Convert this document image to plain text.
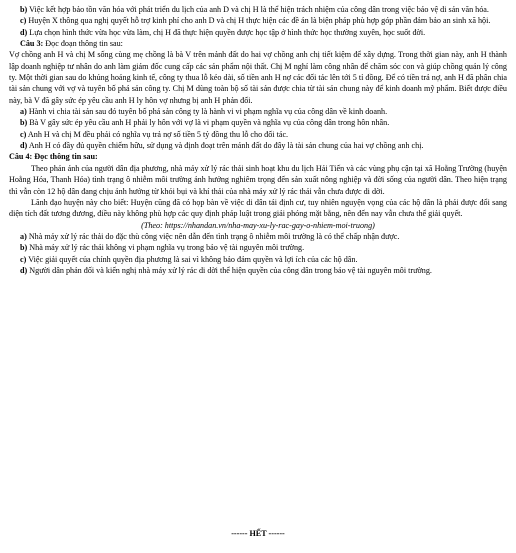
b) Việc kết hợp bảo tồn văn hóa với phát triển du lịch của anh D và chị H là thể hiện trách nhiệm của công dân trong việc bảo vệ di sản văn hóa.

c) Huyện X thông qua nghị quyết hỗ trợ kinh phí cho anh D và chị H thực hiện các đề án là biện pháp phù hợp góp phần đảm bảo an sinh xã hội.

d) Lựa chọn hình thức vừa học vừa làm, chị H đã thực hiện quyền được học tập ở hình thức học thường xuyên, học suốt đời.

Câu 3: Đọc đoạn thông tin sau:

Vợ chồng anh H và chị M sống cùng mẹ chồng là bà V trên mảnh đất do hai vợ chồng anh chị tiết kiệm để xây dựng. Trong thời gian này, anh H thành lập doanh nghiệp tư nhân do anh làm giám đốc cung cấp các sản phẩm nội thất. Chị M nghỉ làm công nhân để chăm sóc con và giúp chồng quản lý công ty. Một thời gian sau do khủng hoảng kinh tế, công ty thua lỗ kéo dài, số tiền anh H nợ các đối tác lên tới 5 tỉ đồng. Để có tiền trả nợ, anh H đã phân chia tài sản chung với vợ và tuyên bố phá sản công ty. Chị M dùng toàn bộ số tài sản được chia từ tài sản chung này để kinh doanh mỹ phẩm. Biết được điều này, bà V đã gây sức ép yêu cầu anh H ly hôn vợ nhưng bị anh H phản đối.

a) Hành vi chia tài sản sau đó tuyên bố phá sản công ty là hành vi vi phạm nghĩa vụ của công dân về kinh doanh.

b) Bà V gây sức ép yêu cầu anh H phải ly hôn với vợ là vi phạm quyền và nghĩa vụ của công dân trong hôn nhân.

c) Anh H và chị M đều phải có nghĩa vụ trả nợ số tiền 5 tỷ đồng thu lỗ cho đối tác.

d) Anh H có đầy đủ quyền chiếm hữu, sử dụng và định đoạt trên mảnh đất do đây là tài sản chung của hai vợ chồng anh chị.

Câu 4: Đọc thông tin sau:

Theo phản ánh của người dân địa phương, nhà máy xử lý rác thải sinh hoạt khu du lịch Hải Tiến và các vùng phụ cận tại xã Hoằng Trường (huyện Hoằng Hóa, Thanh Hóa) tình trạng ô nhiễm môi trường ảnh hưởng nghiêm trọng đến sản xuất nông nghiệp và đời sống của người dân. Theo hiện trạng thì vẫn còn 12 hộ dân đang chịu ảnh hưởng từ khói bụi và khí thải của nhà máy xử lý rác thải vẫn chưa được di dời.

Lãnh đạo huyện này cho biết: Huyện cũng đã có họp bàn về việc di dân tái định cư, tuy nhiên nguyện vọng của các hộ dân là phải được đổi sang diện tích đất tương đương, điều này không phù hợp các quy định pháp luật trong giải phóng mặt bằng, nên đến nay vẫn chưa thể giải quyết.

(Theo: https://nhandan.vn/nha-may-xu-ly-rac-gay-o-nhiem-moi-truong)

a) Nhà máy xử lý rác thải do đặc thù công việc nên dẫn đến tình trạng ô nhiễm môi trường là có thể chấp nhận được.

b) Nhà máy xử lý rác thải không vi phạm nghĩa vụ trong bảo vệ tài nguyên môi trường.

c) Việc giải quyết của chính quyền địa phương là sai vì không bảo đảm quyền và lợi ích của các hộ dân.

d) Người dân phản đối và kiến nghị nhà máy xử lý rác di dời thể hiện quyền của công dân trong bảo vệ tài nguyên môi trường.

------ HẾT ------
